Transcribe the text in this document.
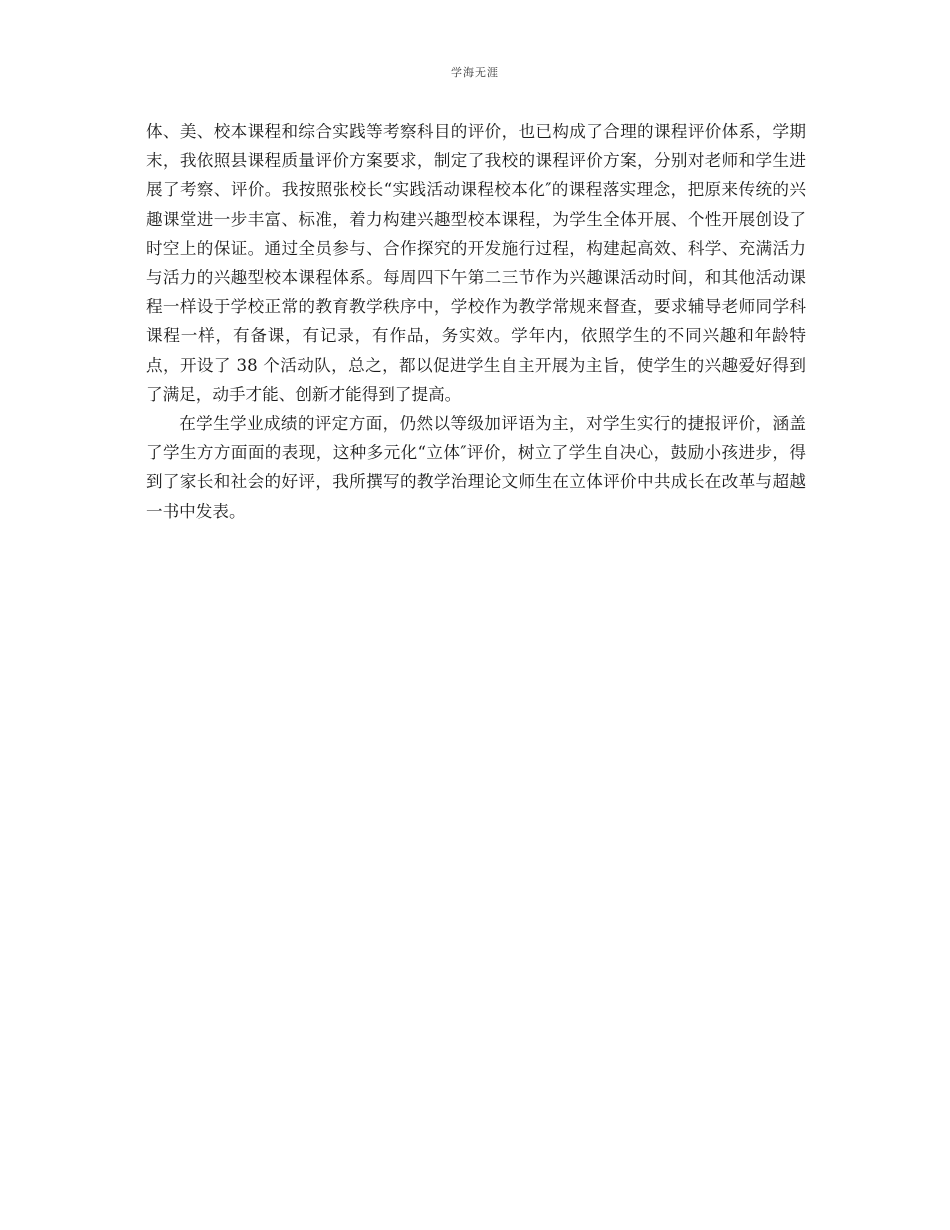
学海无涯

体、美、校本课程和综合实践等考察科目的评价，也已构成了合理的课程评价体系，学期末，我依照县课程质量评价方案要求，制定了我校的课程评价方案，分别对老师和学生进展了考察、评价。我按照张校长“实践活动课程校本化″的课程落实理念，把原来传统的兴趣课堂进一步丰富、标准，着力构建兴趣型校本课程，为学生全体开展、个性开展创设了时空上的保证。通过全员参与、合作探究的开发施行过程，构建起高效、科学、充满活力与活力的兴趣型校本课程体系。每周四下午第二三节作为兴趣课活动时间，和其他活动课程一样设于学校正常的教育教学秩序中，学校作为教学常规来督查，要求辅导老师同学科课程一样，有备课，有记录，有作品，务实效。学年内，依照学生的不同兴趣和年龄特点，开设了 38 个活动队，总之，都以促进学生自主开展为主旨，使学生的兴趣爱好得到了满足，动手才能、创新才能得到了提高。

在学生学业成绩的评定方面，仍然以等级加评语为主，对学生实行的捷报评价，涵盖了学生方方面面的表现，这种多元化“立体″评价，树立了学生自决心，鼓励小孩进步，得到了家长和社会的好评，我所撰写的教学治理论文师生在立体评价中共成长在改革与超越一书中发表。
